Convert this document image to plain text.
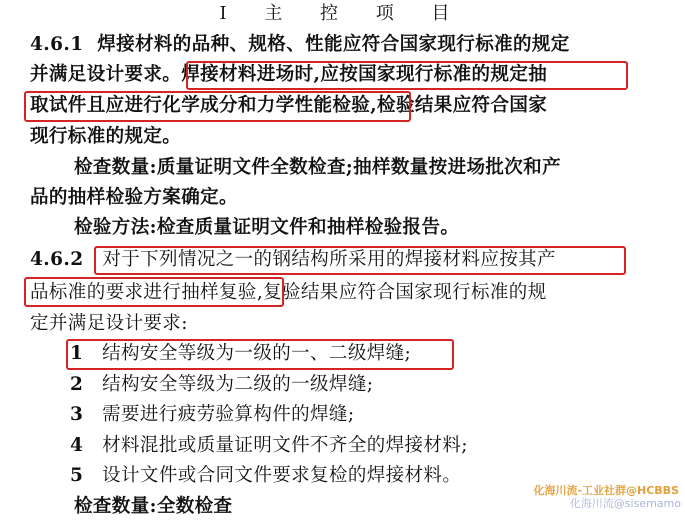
Ⅰ 主 控 项 目
4.6.1 焊接材料的品种、规格、性能应符合国家现行标准的规定
并满足设计要求。焊接材料进场时,应按国家现行标准的规定抽
取试件且应进行化学成分和力学性能检验,检验结果应符合国家
现行标准的规定。
检查数量:质量证明文件全数检查;抽样数量按进场批次和产
品的抽样检验方案确定。
检验方法:检查质量证明文件和抽样检验报告。
4.6.2 对于下列情况之一的钢结构所采用的焊接材料应按其产
品标准的要求进行抽样复验,复验结果应符合国家现行标准的规
定并满足设计要求:
1 结构安全等级为一级的一、二级焊缝;
2 结构安全等级为二级的一级焊缝;
3 需要进行疲劳验算构件的焊缝;
4 材料混批或质量证明文件不齐全的焊接材料;
5 设计文件或合同文件要求复检的焊接材料。
检查数量:全数检查
化海川流-工业社群@HCBBS
化海川流@sisemamo
